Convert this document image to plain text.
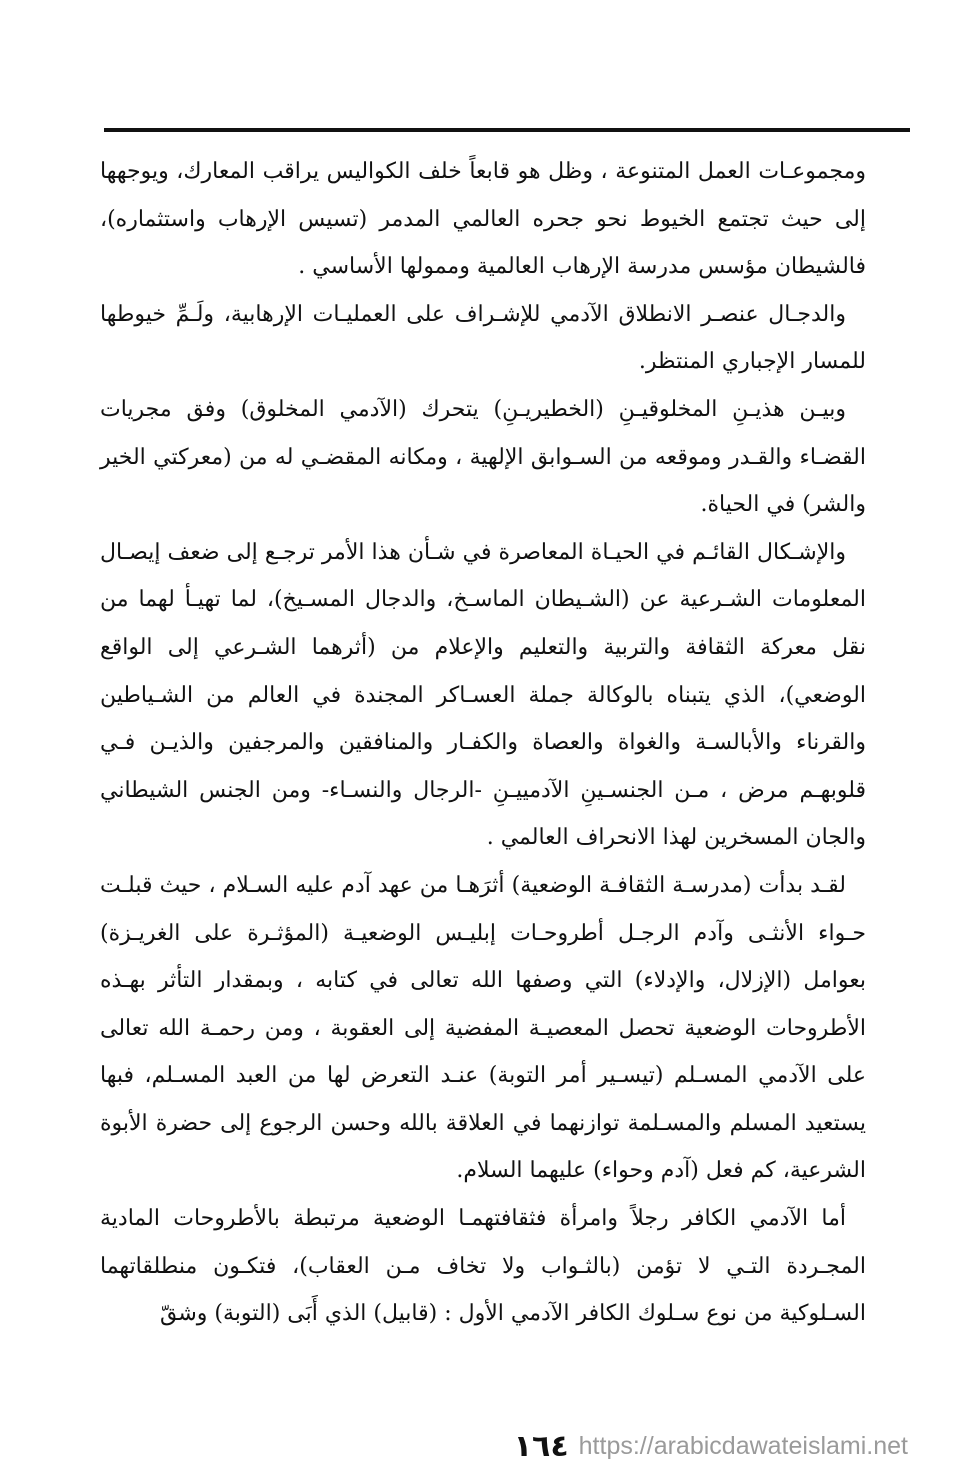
ومجموعـات العمل المتنوعة ، وظل هو قابعاً خلف الكواليس يراقب المعارك، ويوجهها إلى حيث تجتمع الخيوط نحو جحره العالمي المدمر (تسيس الإرهاب واستثماره)، فالشيطان مؤسس مدرسة الإرهاب العالمية وممولها الأساسي .

والدجـال عنصـر الانطلاق الآدمي للإشـراف على العمليـات الإرهابية، ولَـمِّ خيوطها للمسار الإجباري المنتظر.

وبيـن هذيـنِ المخلوقيـنِ (الخطيريـنِ) يتحرك (الآدمي المخلوق) وفق مجريات القضـاء والقـدر وموقعه من السـوابق الإلهية ، ومكانه المقضـي له من (معركتي الخير والشر) في الحياة.

والإشـكال القائـم في الحيـاة المعاصرة في شـأن هذا الأمر ترجـع إلى ضعف إيصـال المعلومات الشـرعية عن (الشـيطان الماسـخ، والدجال المسـيخ)، لما تهيـأ لهما من نقل معركة الثقافة والتربية والتعليم والإعلام من (أثرهما الشـرعي إلى الواقع الوضعي)، الذي يتبناه بالوكالة جملة العسـاكر المجندة في العالم من الشـياطين والقرناء والأبالسـة والغواة والعصاة والكفـار والمنافقين والمرجفين والذيـن فـي قلوبهـم مرض ، مـن الجنسـينِ الآدمييـنِ -الرجال والنسـاء- ومن الجنس الشيطاني والجان المسخرين لهذا الانحراف العالمي .

لقـد بدأت (مدرسـة الثقافـة الوضعية) أثرَهـا من عهد آدم عليه السـلام ، حيث قبلـت حـواء الأنثـى وآدم الرجـل أطروحـات إبليـس الوضعيـة (المؤثـرة على الغريـزة) بعوامل (الإزلال، والإدلاء) التي وصفها الله تعالى في كتابه ، وبمقدار التأثر بهـذه الأطروحات الوضعية تحصل المعصيـة المفضية إلى العقوبة ، ومن رحمـة الله تعالى على الآدمي المسـلم (تيسـير أمر التوبة) عنـد التعرض لها من العبد المسـلم، فبها يستعيد المسلم والمسـلمة توازنهما في العلاقة بالله وحسن الرجوع إلى حضرة الأبوة الشرعية، كم فعل (آدم وحواء) عليهما السلام.

أما الآدمي الكافر رجلاً وامرأة فثقافتهمـا الوضعية مرتبطة بالأطروحات المادية المجـردة التـي لا تؤمن (بالثـواب ولا تخاف مـن العقاب)، فتكـون منطلقاتهما السـلوكية من نوع سـلوك الكافر الآدمي الأول : (قابيل) الذي أَبَى (التوبة) وشقّ

https://arabicdawateislami.net
١٦٤
